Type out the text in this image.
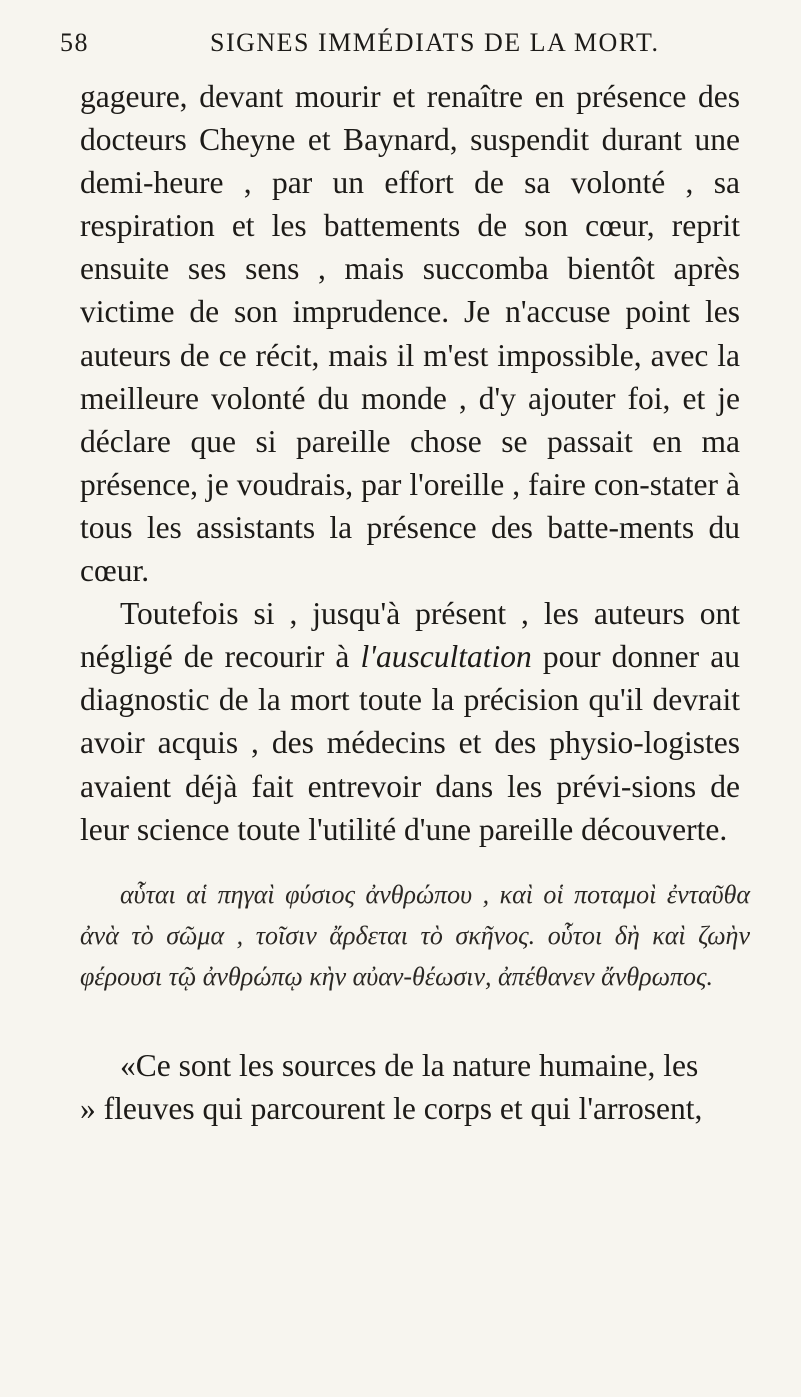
58	SIGNES IMMÉDIATS DE LA MORT.

gageure, devant mourir et renaître en présence des docteurs Cheyne et Baynard, suspendit durant une demi-heure , par un effort de sa volonté , sa respiration et les battements de son cœur, reprit ensuite ses sens , mais succomba bientôt après victime de son imprudence. Je n'accuse point les auteurs de ce récit, mais il m'est impossible, avec la meilleure volonté du monde , d'y ajouter foi, et je déclare que si pareille chose se passait en ma présence, je voudrais, par l'oreille , faire con-stater à tous les assistants la présence des batte-ments du cœur.

Toutefois si , jusqu'à présent , les auteurs ont négligé de recourir à l'auscultation pour donner au diagnostic de la mort toute la précision qu'il devrait avoir acquis , des médecins et des physio-logistes avaient déjà fait entrevoir dans les prévi-sions de leur science toute l'utilité d'une pareille découverte.

αὗται αἱ πηγαὶ φύσιος ἀνθρώπου , καὶ οἱ ποταμοὶ ἐνταῦθα ἀνὰ τὸ σῶμα , τοῖσιν ἄρδεται τὸ σκῆνος. οὗτοι δὴ καὶ ζωὴν φέρουσι τῷ ἀνθρώπῳ κὴν αὐαν-θέωσιν, ἀπέθανεν ἄνθρωπος.

«Ce sont les sources de la nature humaine, les

» fleuves qui parcourent le corps et qui l'arrosent,
